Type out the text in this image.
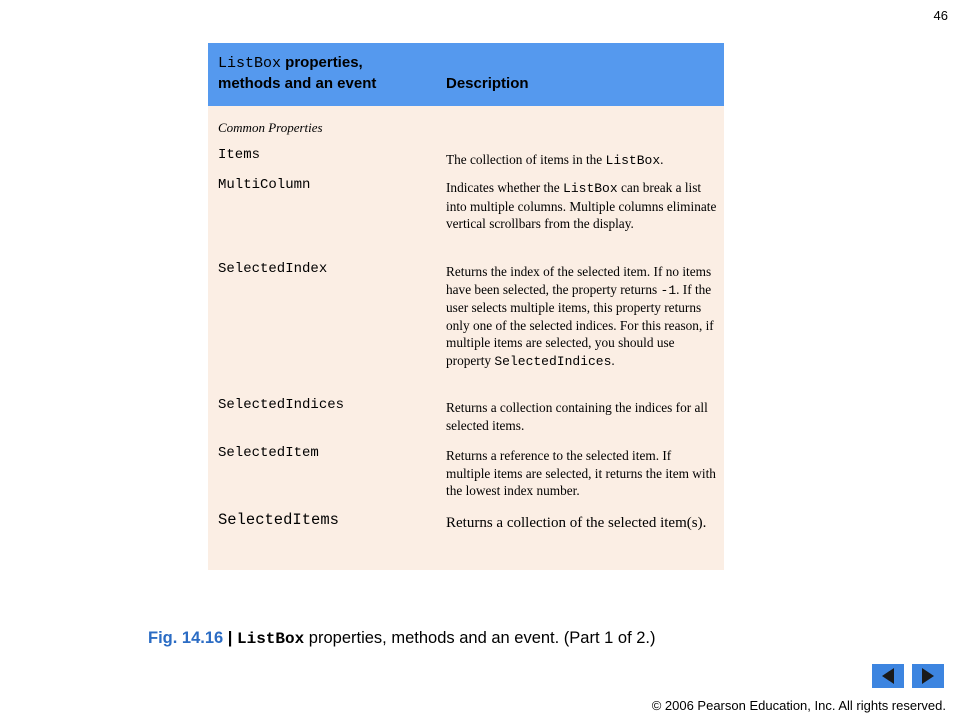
46
ListBox properties,
methods and an event	Description
Common Properties
Items	The collection of items in the ListBox.
MultiColumn	Indicates whether the ListBox can break a list into multiple columns. Multiple columns eliminate vertical scrollbars from the display.
SelectedIndex	Returns the index of the selected item. If no items have been selected, the property returns -1. If the user selects multiple items, this property returns only one of the selected indices. For this reason, if multiple items are selected, you should use property SelectedIndices.
SelectedIndices	Returns a collection containing the indices for all selected items.
SelectedItem	Returns a reference to the selected item. If multiple items are selected, it returns the item with the lowest index number.
SelectedItems	Returns a collection of the selected item(s).
Fig. 14.16 | ListBox properties, methods and an event. (Part 1 of 2.)
© 2006 Pearson Education, Inc. All rights reserved.
